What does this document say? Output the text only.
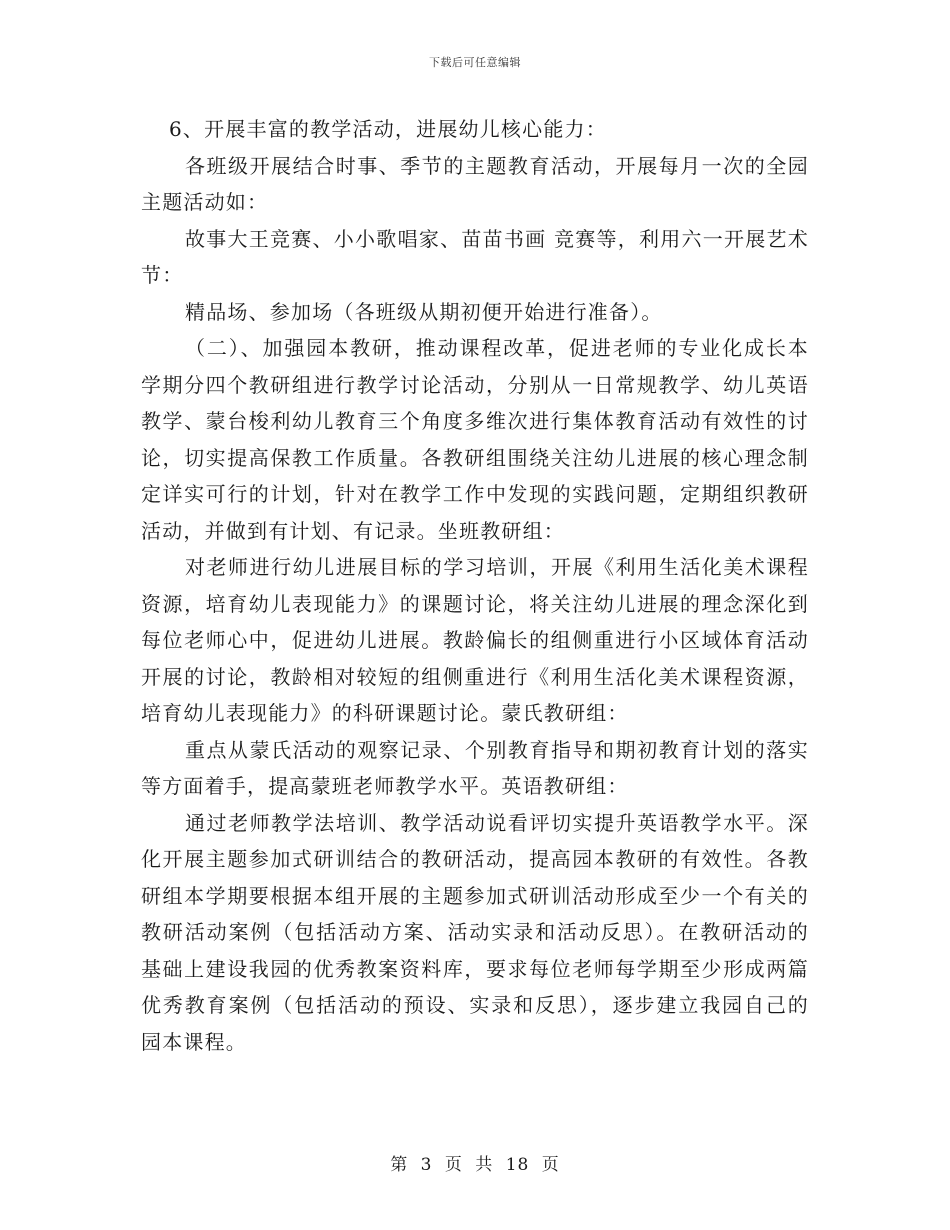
下载后可任意编辑

6、开展丰富的教学活动，进展幼儿核心能力：

各班级开展结合时事、季节的主题教育活动，开展每月一次的全园主题活动如：

故事大王竞赛、小小歌唱家、苗苗书画 竞赛等，利用六一开展艺术节：

精品场、参加场（各班级从期初便开始进行准备）。

（二）、加强园本教研，推动课程改革，促进老师的专业化成长本学期分四个教研组进行教学讨论活动，分别从一日常规教学、幼儿英语教学、蒙台梭利幼儿教育三个角度多维次进行集体教育活动有效性的讨论，切实提高保教工作质量。各教研组围绕关注幼儿进展的核心理念制定详实可行的计划，针对在教学工作中发现的实践问题，定期组织教研活动，并做到有计划、有记录。坐班教研组：

对老师进行幼儿进展目标的学习培训，开展《利用生活化美术课程资源，培育幼儿表现能力》的课题讨论，将关注幼儿进展的理念深化到每位老师心中，促进幼儿进展。教龄偏长的组侧重进行小区域体育活动开展的讨论，教龄相对较短的组侧重进行《利用生活化美术课程资源，培育幼儿表现能力》的科研课题讨论。蒙氏教研组：

重点从蒙氏活动的观察记录、个别教育指导和期初教育计划的落实等方面着手，提高蒙班老师教学水平。英语教研组：

通过老师教学法培训、教学活动说看评切实提升英语教学水平。深化开展主题参加式研训结合的教研活动，提高园本教研的有效性。各教研组本学期要根据本组开展的主题参加式研训活动形成至少一个有关的教研活动案例（包括活动方案、活动实录和活动反思）。在教研活动的基础上建设我园的优秀教案资料库，要求每位老师每学期至少形成两篇优秀教育案例（包括活动的预设、实录和反思），逐步建立我园自己的园本课程。

第 3 页 共 18 页
